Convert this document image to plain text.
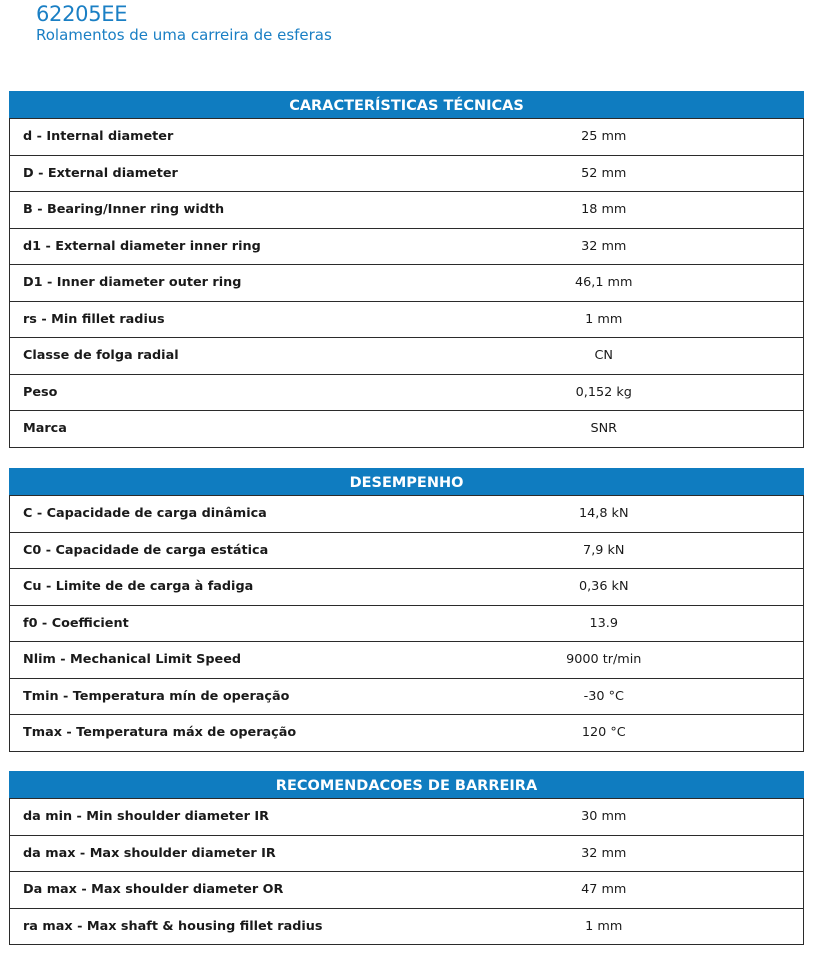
62205EE
Rolamentos de uma carreira de esferas
CARACTERÍSTICAS TÉCNICAS
d - Internal diameter	25 mm
D - External diameter	52 mm
B - Bearing/Inner ring width	18 mm
d1 - External diameter inner ring	32 mm
D1 - Inner diameter outer ring	46,1 mm
rs - Min fillet radius	1 mm
Classe de folga radial	CN
Peso	0,152 kg
Marca	SNR
DESEMPENHO
C - Capacidade de carga dinâmica	14,8 kN
C0 - Capacidade de carga estática	7,9 kN
Cu - Limite de de carga à fadiga	0,36 kN
f0 - Coefficient	13.9
Nlim - Mechanical Limit Speed	9000 tr/min
Tmin - Temperatura mín de operação	-30 °C
Tmax - Temperatura máx de operação	120 °C
RECOMENDACOES DE BARREIRA
da min - Min shoulder diameter IR	30 mm
da max - Max shoulder diameter IR	32 mm
Da max - Max shoulder diameter OR	47 mm
ra max - Max shaft & housing fillet radius	1 mm
